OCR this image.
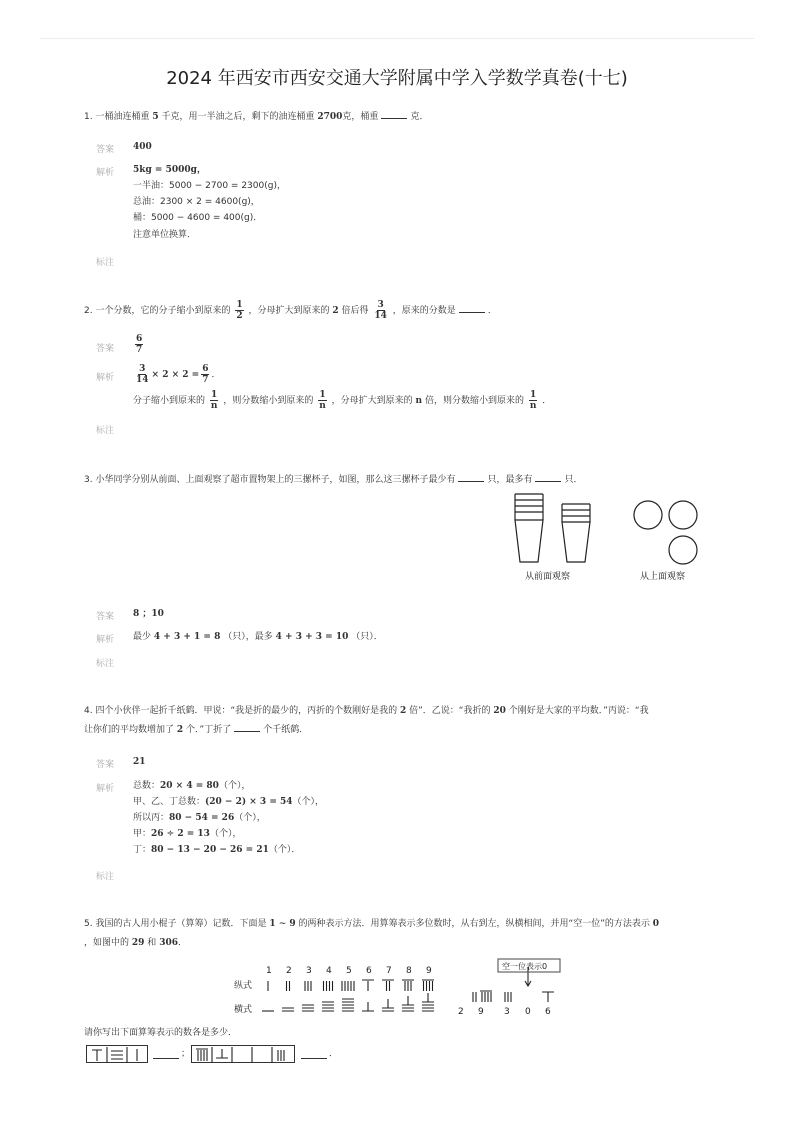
2024 年西安市西安交通大学附属中学入学数学真卷(十七)
1. 一桶油连桶重 5 千克，用一半油之后，剩下的油连桶重 2700克，桶重	克．
答案 400
解析 5kg = 5000g，
一半油：5000 − 2700 = 2300(g)，
总油：2300 × 2 = 4600(g)，
桶：5000 − 4600 = 400(g)．
注意单位换算．
标注
2. 一个分数，它的分子缩小到原来的 $\frac{1}{2}$ ，分母扩大到原来的 2 倍后得 $\frac{3}{14}$ ，原来的分数是	．
答案 $\frac{6}{7}$
解析 $\frac{3}{14} \times 2 \times 2 = \frac{6}{7}$ ．
分子缩小到原来的 $\frac{1}{n}$ ，则分数缩小到原来的 $\frac{1}{n}$ ，分母扩大到原来的 n 倍，则分数缩小到原来的 $\frac{1}{n}$ ．
标注
3. 小华同学分别从前面、上面观察了超市置物架上的三摞杯子，如图，那么这三摞杯子最少有	只，最多有	只．
从前面观察	从上面观察
答案 8 ；10
解析 最少 4 + 3 + 1 = 8 （只），最多 4 + 3 + 3 = 10 （只）．
标注
4. 四个小伙伴一起折千纸鹤．甲说：“我是折的最少的，丙折的个数刚好是我的 2 倍”．乙说：“我折的 20 个刚好是大家的平均数．”丙说：“我
让你们的平均数增加了 2 个．”丁折了	个千纸鹤．
答案 21
解析 总数：20 × 4 = 80（个），
甲、乙、丁总数：(20 − 2) × 3 = 54（个），
所以丙：80 − 54 = 26（个），
甲：26 ÷ 2 = 13（个），
丁：80 − 13 − 20 − 26 = 21（个）．
标注
5. 我国的古人用小棍子（算筹）记数．下面是 1 ∼ 9 的两种表示方法．用算筹表示多位数时，从右到左，纵横相间，并用“空一位”的方法表示 0
，如图中的 29 和 306．
1 2 3 4 5 6 7 8 9
纵式
横式
空一位表示0
2 9 3 0 6
请你写出下面算筹表示的数各是多少．
；	．
